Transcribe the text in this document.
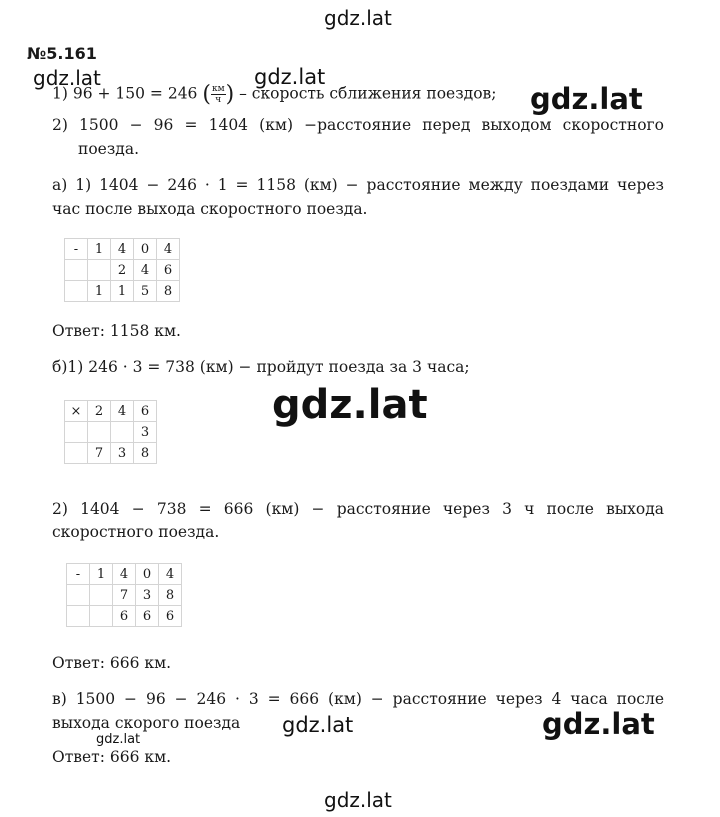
gdz.lat
gdz.lat	gdz.lat
gdz.lat
gdz.lat
gdz.lat	gdz.lat
gdz.lat
gdz.lat
№5.161
1) 96 + 150 = 246 ( $\frac{км}{ч}$ ) – скорость сближения поездов;
2) 1500 − 96 = 1404 (км) −расстояние перед выходом скоростного
поезда.
а) 1) 1404 − 246 · 1 = 1158 (км) − расстояние между поездами через
час после выхода скоростного поезда.
-	1	4	0	4
		2	4	6
	1	1	5	8
Ответ: 1158 км.
б)1) 246 · 3 = 738 (км) − пройдут поезда за 3 часа;
×	2	4	6
			3
	7	3	8
2) 1404 − 738 = 666 (км) − расстояние через 3 ч после выхода
скоростного поезда.
-	1	4	0	4
		7	3	8
		6	6	6
Ответ: 666 км.
в) 1500 − 96 − 246 · 3 = 666 (км) − расстояние через 4 часа после
выхода скорого поезда
Ответ: 666 км.
